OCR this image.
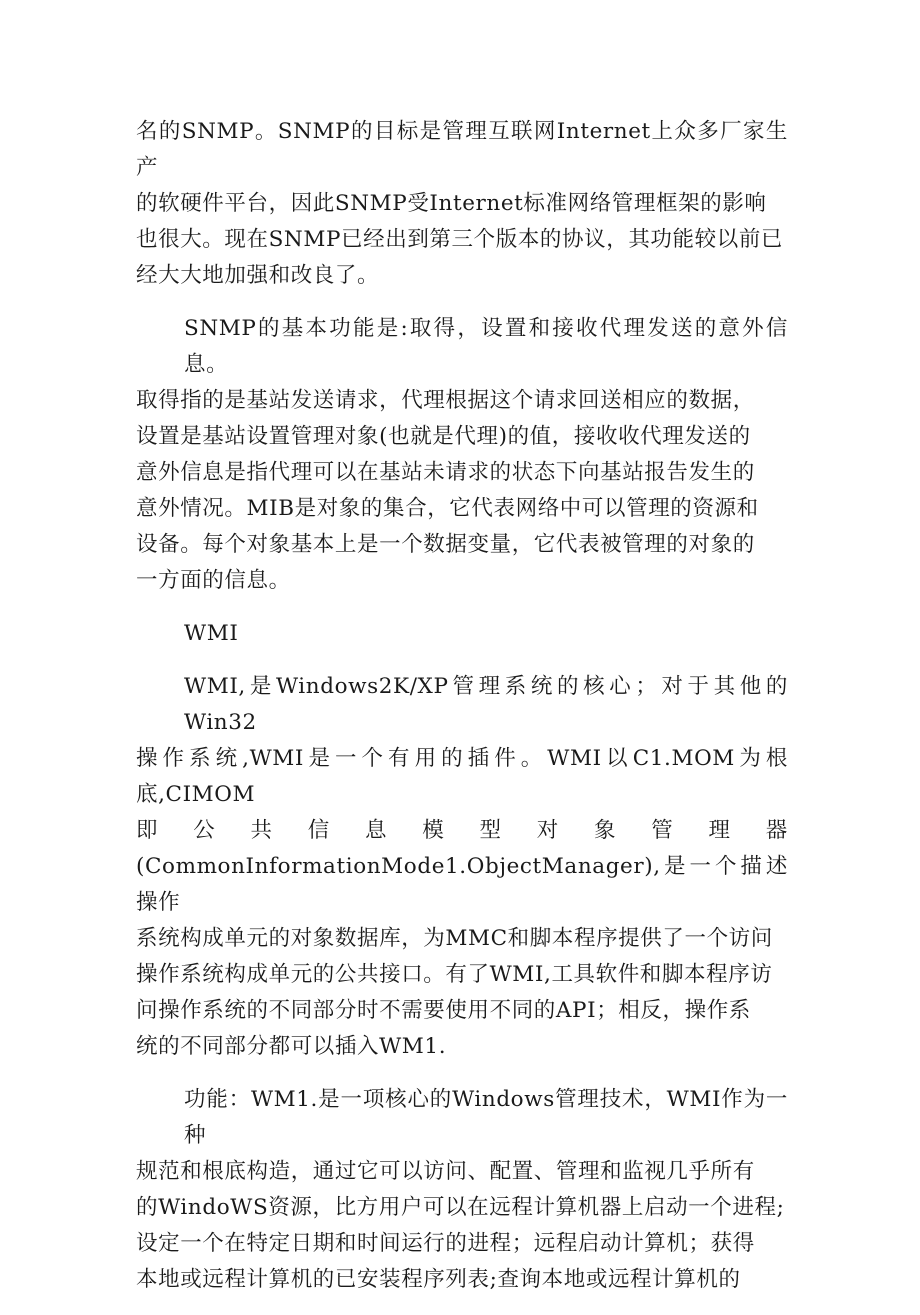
名的SNMP。SNMP的目标是管理互联网Internet上众多厂家生产
的软硬件平台，因此SNMP受Internet标准网络管理框架的影响
也很大。现在SNMP已经出到第三个版本的协议，其功能较以前已
经大大地加强和改良了。
SNMP的基本功能是:取得，设置和接收代理发送的意外信息。
取得指的是基站发送请求，代理根据这个请求回送相应的数据，
设置是基站设置管理对象(也就是代理)的值，接收收代理发送的
意外信息是指代理可以在基站未请求的状态下向基站报告发生的
意外情况。MIB是对象的集合，它代表网络中可以管理的资源和
设备。每个对象基本上是一个数据变量，它代表被管理的对象的
一方面的信息。
WMI
WMI,是Windows2K/XP管理系统的核心；对于其他的Win32
操作系统,WMI是一个有用的插件。WMI以C1.MOM为根底,CIMOM
即 公 共 信 息 模 型 对 象 管 理 器
(CommonInformationMode1.ObjectManager),是一个描述操作
系统构成单元的对象数据库，为MMC和脚本程序提供了一个访问
操作系统构成单元的公共接口。有了WMI,工具软件和脚本程序访
问操作系统的不同部分时不需要使用不同的API；相反，操作系
统的不同部分都可以插入WM1.
功能：WM1.是一项核心的Windows管理技术，WMI作为一种
规范和根底构造，通过它可以访问、配置、管理和监视几乎所有
的WindoWS资源，比方用户可以在远程计算机器上启动一个进程;
设定一个在特定日期和时间运行的进程；远程启动计算机；获得
本地或远程计算机的已安装程序列表;查询本地或远程计算机的
